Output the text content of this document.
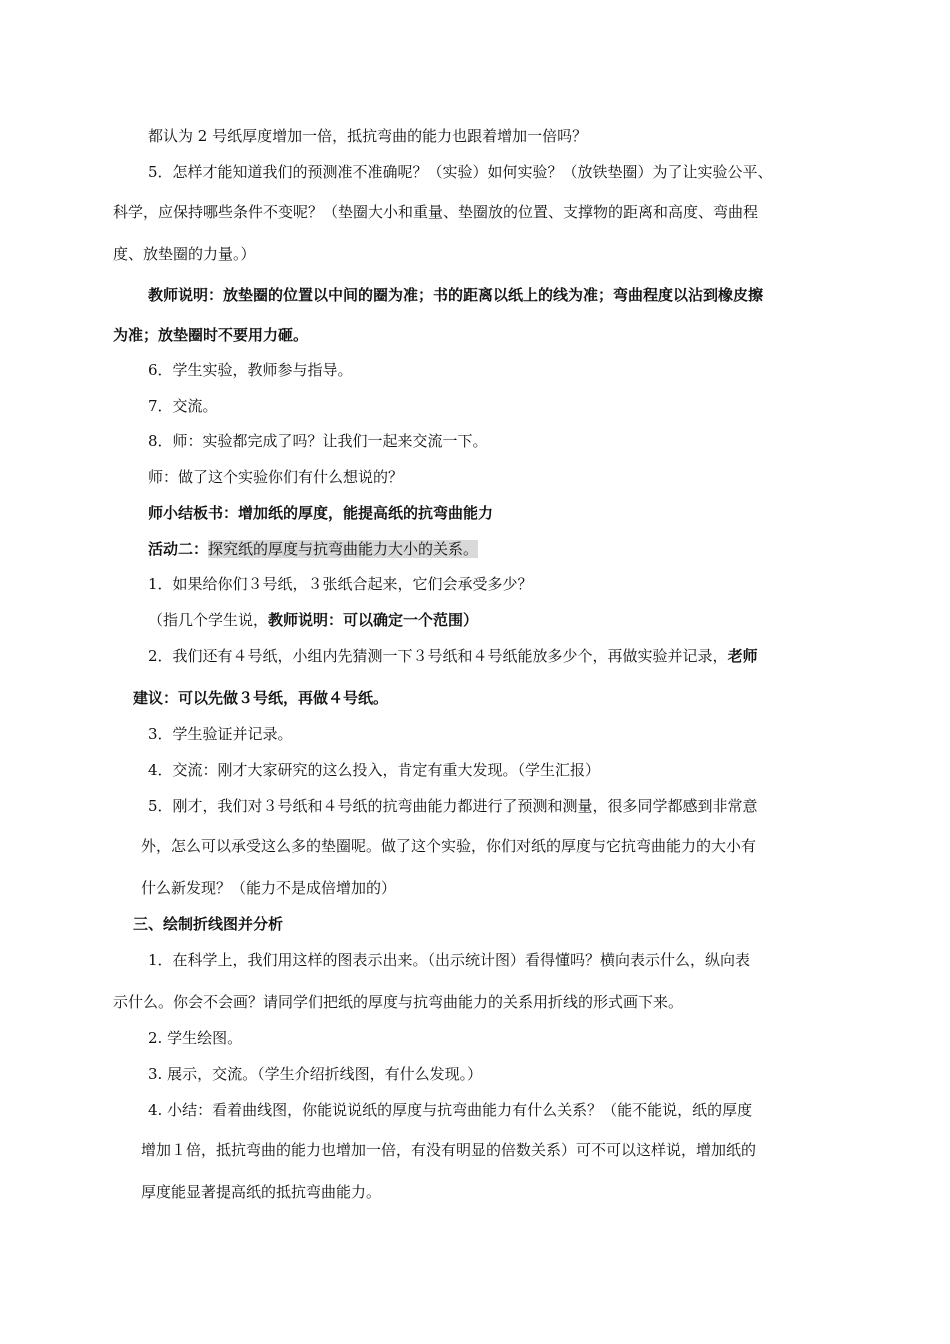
都认为 2 号纸厚度增加一倍，抵抗弯曲的能力也跟着增加一倍吗？
5．怎样才能知道我们的预测准不准确呢？（实验）如何实验？（放铁垫圈）为了让实验公平、
科学，应保持哪些条件不变呢？（垫圈大小和重量、垫圈放的位置、支撑物的距离和高度、弯曲程
度、放垫圈的力量。）
教师说明：放垫圈的位置以中间的圈为准；书的距离以纸上的线为准；弯曲程度以沾到橡皮擦
为准；放垫圈时不要用力砸。
6．学生实验，教师参与指导。
7．交流。
8．师：实验都完成了吗？让我们一起来交流一下。
师：做了这个实验你们有什么想说的？
师小结板书：增加纸的厚度，能提高纸的抗弯曲能力
活动二：探究纸的厚度与抗弯曲能力大小的关系。
1．如果给你们３号纸，３张纸合起来，它们会承受多少？
（指几个学生说，教师说明：可以确定一个范围）
2．我们还有４号纸，小组内先猜测一下３号纸和４号纸能放多少个，再做实验并记录，老师
建议：可以先做３号纸，再做４号纸。
3．学生验证并记录。
4．交流：刚才大家研究的这么投入，肯定有重大发现。（学生汇报）
5．刚才，我们对３号纸和４号纸的抗弯曲能力都进行了预测和测量，很多同学都感到非常意
外，怎么可以承受这么多的垫圈呢。做了这个实验，你们对纸的厚度与它抗弯曲能力的大小有
什么新发现？（能力不是成倍增加的）
三、绘制折线图并分析
1．在科学上，我们用这样的图表示出来。（出示统计图）看得懂吗？横向表示什么，纵向表
示什么。你会不会画？请同学们把纸的厚度与抗弯曲能力的关系用折线的形式画下来。
2. 学生绘图。
3. 展示，交流。（学生介绍折线图，有什么发现。）
4. 小结：看着曲线图，你能说说纸的厚度与抗弯曲能力有什么关系？（能不能说，纸的厚度
增加１倍，抵抗弯曲的能力也增加一倍，有没有明显的倍数关系）可不可以这样说，增加纸的
厚度能显著提高纸的抵抗弯曲能力。
